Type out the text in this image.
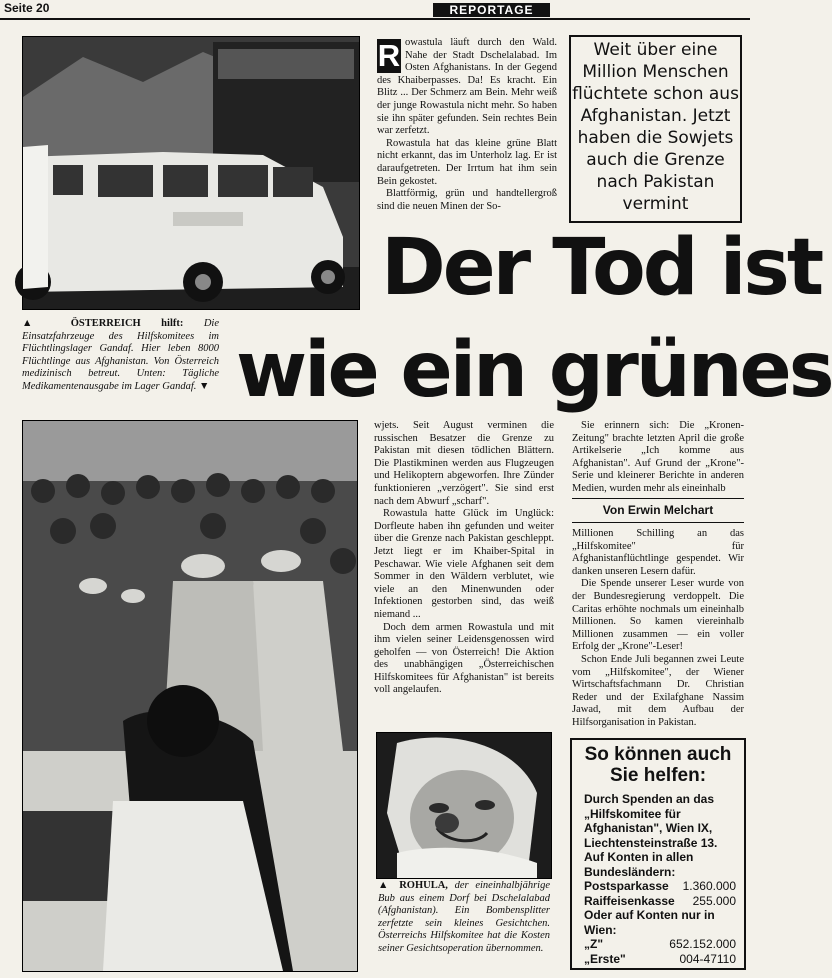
Seite 20	REPORTAGE
▲ ÖSTERREICH hilft: Die Einsatzfahrzeuge des Hilfskomitees im Flüchtlingslager Gandaf. Hier leben 8000 Flüchtlinge aus Afghanistan. Von Österreich medizinisch betreut. Unten: Tägliche Medikamentenausgabe im Lager Gandaf. ▼
R owastula läuft durch den Wald. Nahe der Stadt Dschelalabad. Im Osten Afghanistans. In der Gegend des Khaiberpasses. Da! Es kracht. Ein Blitz ... Der Schmerz am Bein. Mehr weiß der junge Rowastula nicht mehr. So haben sie ihn später gefunden. Sein rechtes Bein war zerfetzt.

Rowastula hat das kleine grüne Blatt nicht erkannt, das im Unterholz lag. Er ist daraufgetreten. Der Irrtum hat ihm sein Bein gekostet.

Blattförmig, grün und handtellergroß sind die neuen Minen der So-

Weit über eine Million Menschen flüchtete schon aus Afghanistan. Jetzt haben die Sowjets auch die Grenze nach Pakistan vermint
Der Tod ist
wie ein grünes

wjets. Seit August verminen die russischen Besatzer die Grenze zu Pakistan mit diesen tödlichen Blättern. Die Plastikminen werden aus Flugzeugen und Helikoptern abgeworfen. Ihre Zünder funktionieren „verzögert". Sie sind erst nach dem Abwurf „scharf".

Rowastula hatte Glück im Unglück: Dorfleute haben ihn gefunden und weiter über die Grenze nach Pakistan geschleppt. Jetzt liegt er im Khaiber-Spital in Peschawar. Wie viele Afghanen seit dem Sommer in den Wäldern verblutet, wie viele an den Minenwunden oder Infektionen gestorben sind, das weiß niemand ...

Doch dem armen Rowastula und mit ihm vielen seiner Leidensgenossen wird geholfen — von Österreich! Die Aktion des unabhängigen „Österreichischen Hilfskomitees für Afghanistan" ist bereits voll angelaufen.

Sie erinnern sich: Die „Kronen-Zeitung" brachte letzten April die große Artikelserie „Ich komme aus Afghanistan". Auf Grund der „Krone"-Serie und kleinerer Berichte in anderen Medien, wurden mehr als eineinhalb

Von Erwin Melchart

Millionen Schilling an das „Hilfskomitee" für Afghanistanflüchtlinge gespendet. Wir danken unseren Lesern dafür.

Die Spende unserer Leser wurde von der Bundesregierung verdoppelt. Die Caritas erhöhte nochmals um eineinhalb Millionen. So kamen viereinhalb Millionen zusammen — ein voller Erfolg der „Krone"-Leser!

Schon Ende Juli begannen zwei Leute vom „Hilfskomitee", der Wiener Wirtschaftsfachmann Dr. Christian Reder und der Exilafghane Nassim Jawad, mit dem Aufbau der Hilfsorganisation in Pakistan.

▲ ROHULA, der eineinhalbjährige Bub aus einem Dorf bei Dschelalabad (Afghanistan). Ein Bombensplitter zerfetzte sein kleines Gesichtchen. Österreichs Hilfskomitee hat die Kosten seiner Gesichtsoperation übernommen.
So können auch Sie helfen:
Durch Spenden an das „Hilfskomitee für Afghanistan", Wien IX, Liechtensteinstraße 13.
Auf Konten in allen Bundesländern:
Postsparkasse 1.360.000
Raiffeisenkasse 255.000
Oder auf Konten nur in Wien:
„Z"	652.152.000
„Erste"	004-47110
